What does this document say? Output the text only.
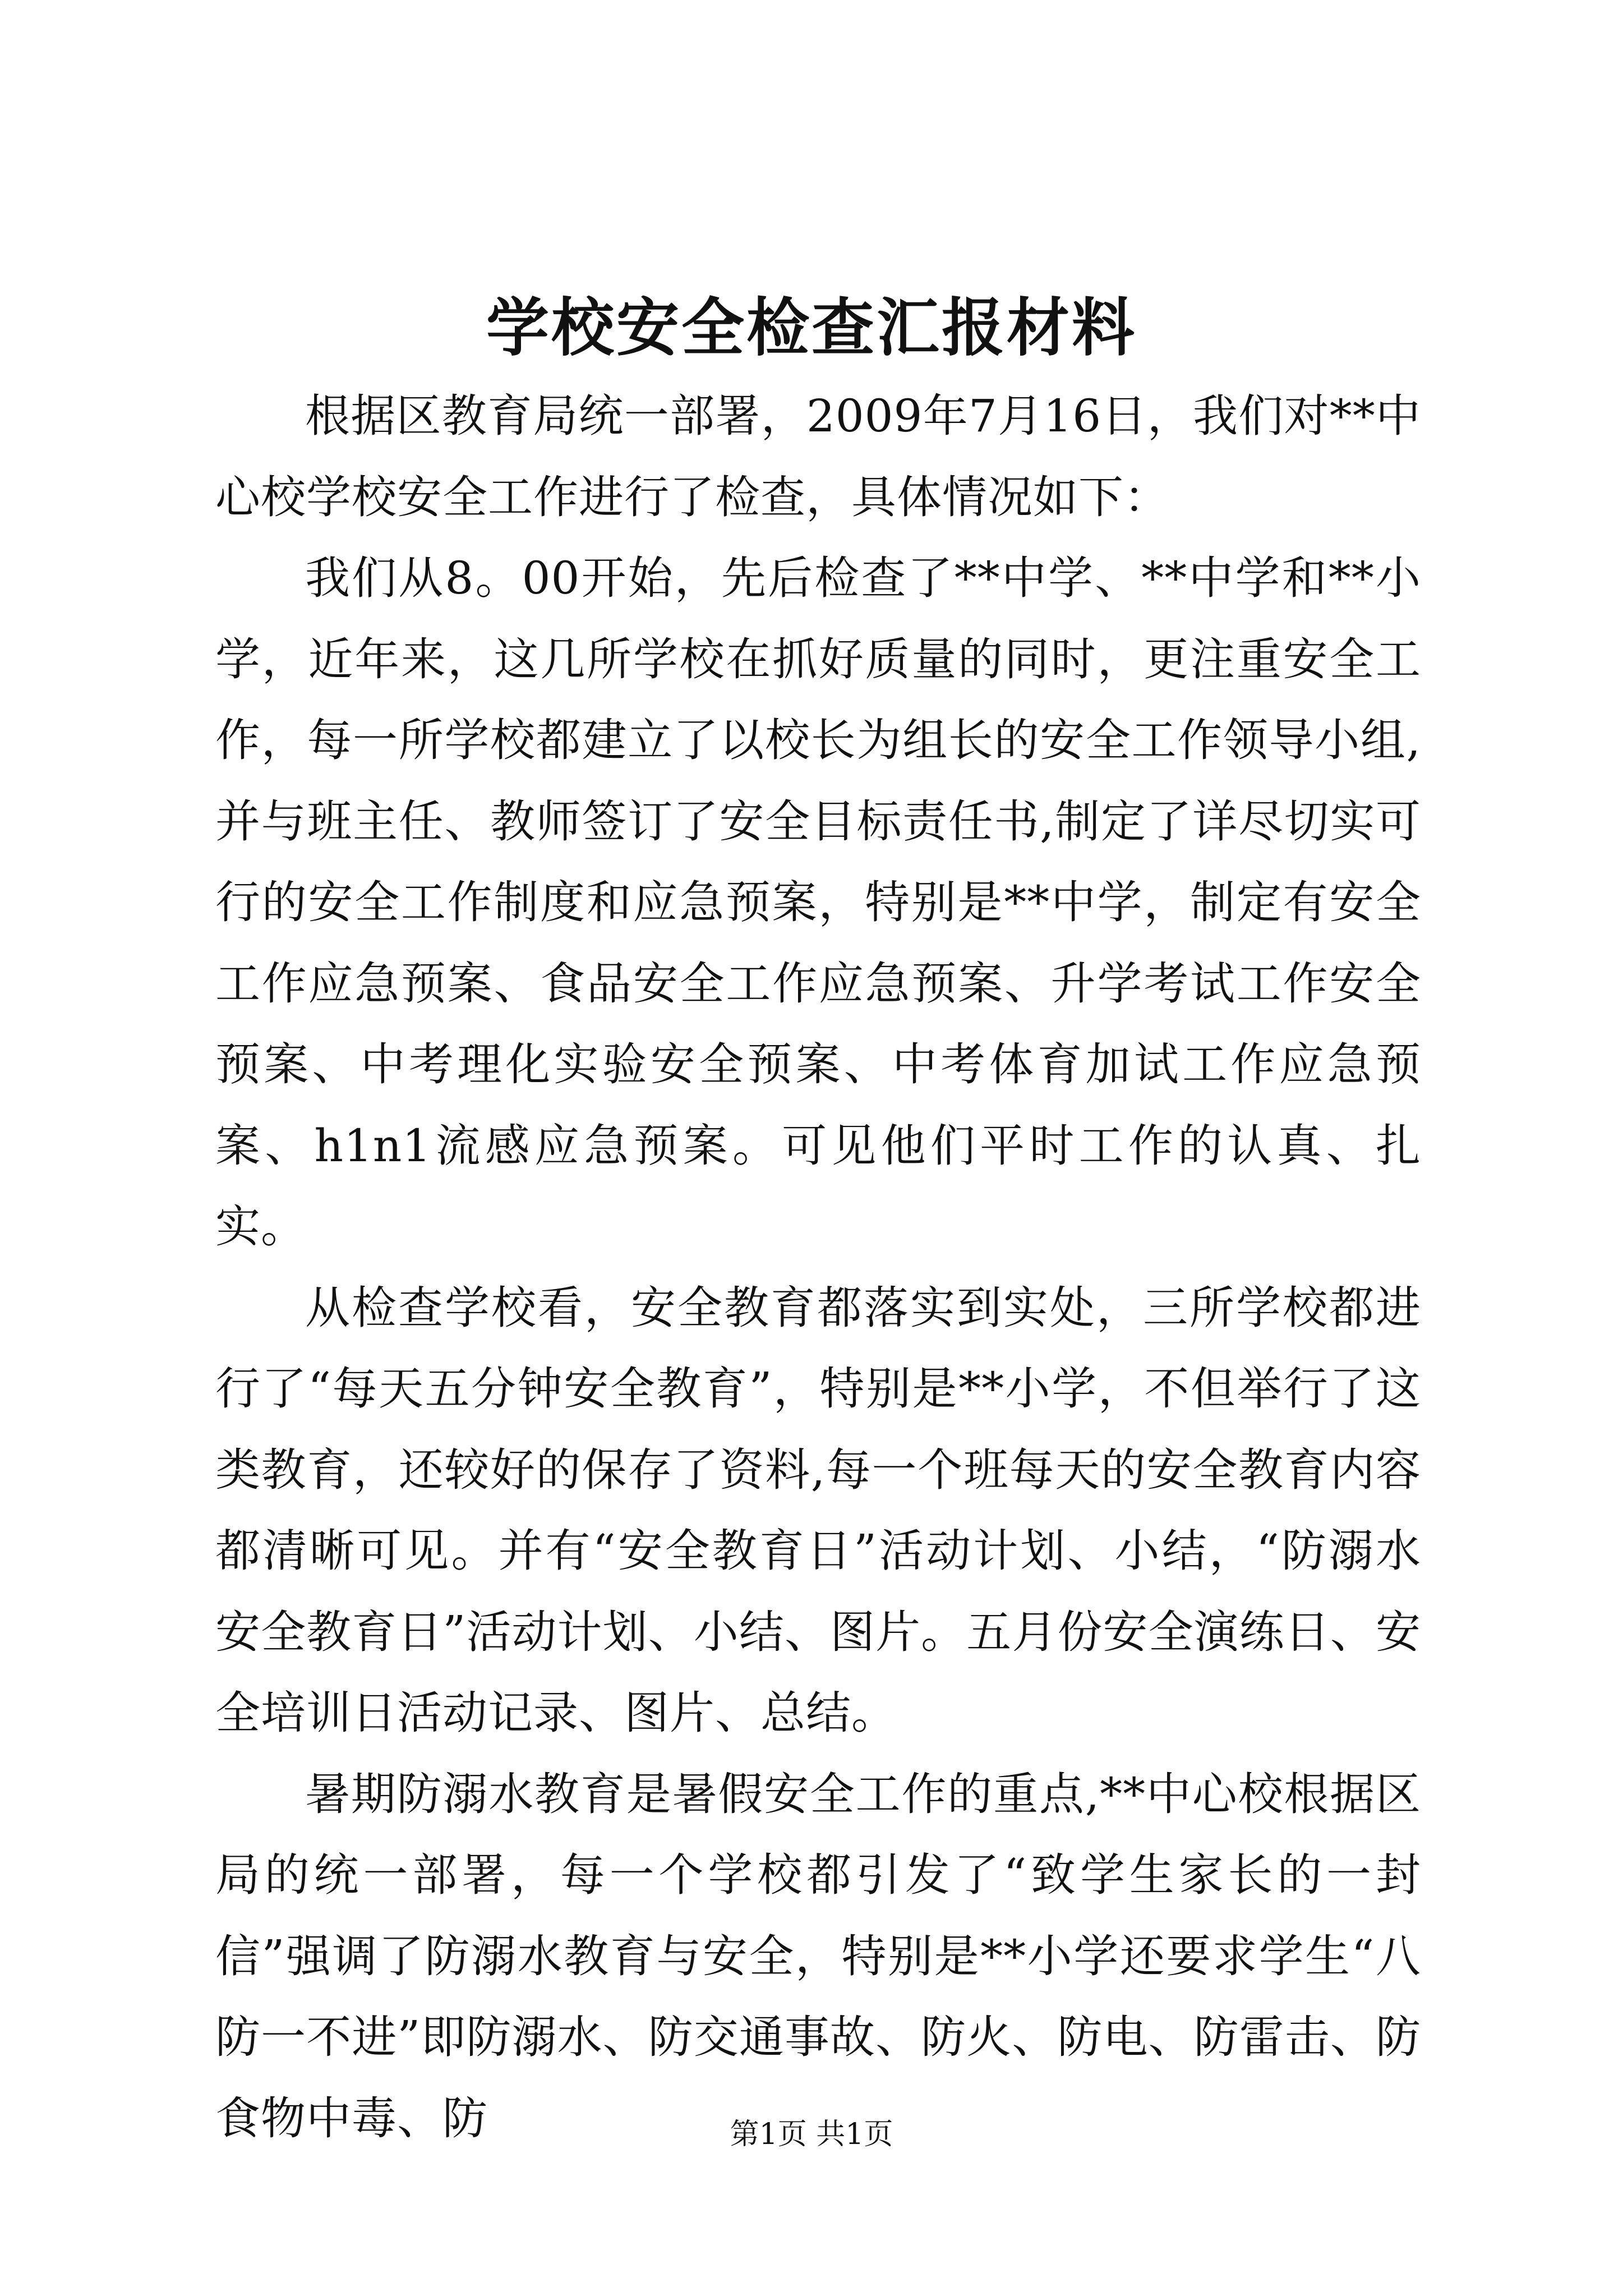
学校安全检查汇报材料

根据区教育局统一部署，2009年7月16日，我们对**中心校学校安全工作进行了检查，具体情况如下：

我们从8。00开始，先后检查了**中学、**中学和**小学，近年来，这几所学校在抓好质量的同时，更注重安全工作，每一所学校都建立了以校长为组长的安全工作领导小组,并与班主任、教师签订了安全目标责任书,制定了详尽切实可行的安全工作制度和应急预案，特别是**中学，制定有安全工作应急预案、食品安全工作应急预案、升学考试工作安全预案、中考理化实验安全预案、中考体育加试工作应急预案、h1n1流感应急预案。可见他们平时工作的认真、扎实。

从检查学校看，安全教育都落实到实处，三所学校都进行了“每天五分钟安全教育”，特别是**小学，不但举行了这类教育，还较好的保存了资料,每一个班每天的安全教育内容都清晰可见。并有“安全教育日”活动计划、小结，“防溺水安全教育日”活动计划、小结、图片。五月份安全演练日、安全培训日活动记录、图片、总结。

暑期防溺水教育是暑假安全工作的重点,**中心校根据区局的统一部署，每一个学校都引发了“致学生家长的一封信”强调了防溺水教育与安全，特别是**小学还要求学生“八防一不进”即防溺水、防交通事故、防火、防电、防雷击、防食物中毒、防	第1页 共1页
